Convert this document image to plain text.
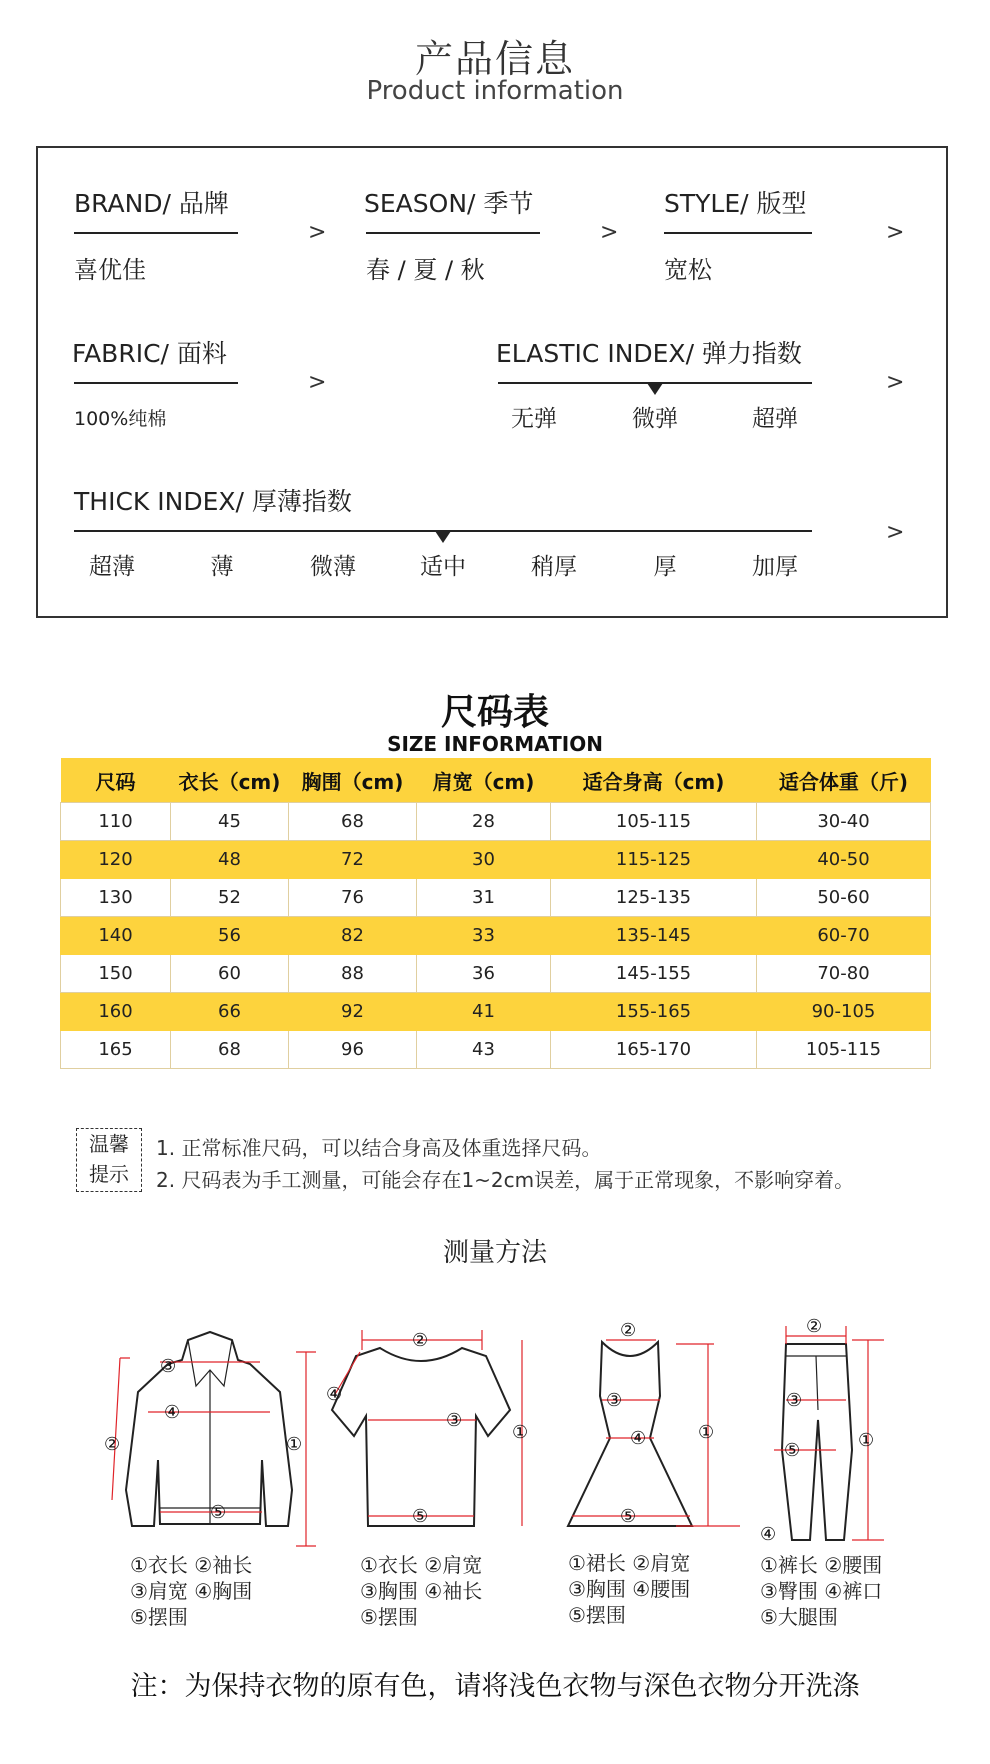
产品信息
Product information
BRAND/ 品牌
喜优佳
>
SEASON/ 季节
春 / 夏 / 秋
>
STYLE/ 版型
宽松
>
FABRIC/ 面料
100%纯棉
>
ELASTIC INDEX/ 弹力指数
无弹	微弹	超弹
>
THICK INDEX/ 厚薄指数
超薄	薄	微薄	适中	稍厚	厚	加厚
>
尺码表
SIZE INFORMATION
尺码	衣长（cm)	胸围（cm)	肩宽（cm)	适合身高（cm)	适合体重（斤)
110	45	68	28	105-115	30-40
120	48	72	30	115-125	40-50
130	52	76	31	125-135	50-60
140	56	82	33	135-145	60-70
150	60	88	36	145-155	70-80
160	66	92	41	155-165	90-105
165	68	96	43	165-170	105-115
温馨
提示
1. 正常标准尺码，可以结合身高及体重选择尺码。
2. 尺码表为手工测量，可能会存在1~2cm误差，属于正常现象，不影响穿着。
测量方法
③
④
②
⑤
①
②
④
③
⑤
①
②
③
④
⑤
①
②
③
⑤
④
①
①衣长 ②袖长
③肩宽 ④胸围
⑤摆围
①衣长 ②肩宽
③胸围 ④袖长
⑤摆围
①裙长 ②肩宽
③胸围 ④腰围
⑤摆围
①裤长 ②腰围
③臀围 ④裤口
⑤大腿围
注：为保持衣物的原有色，请将浅色衣物与深色衣物分开洗涤
